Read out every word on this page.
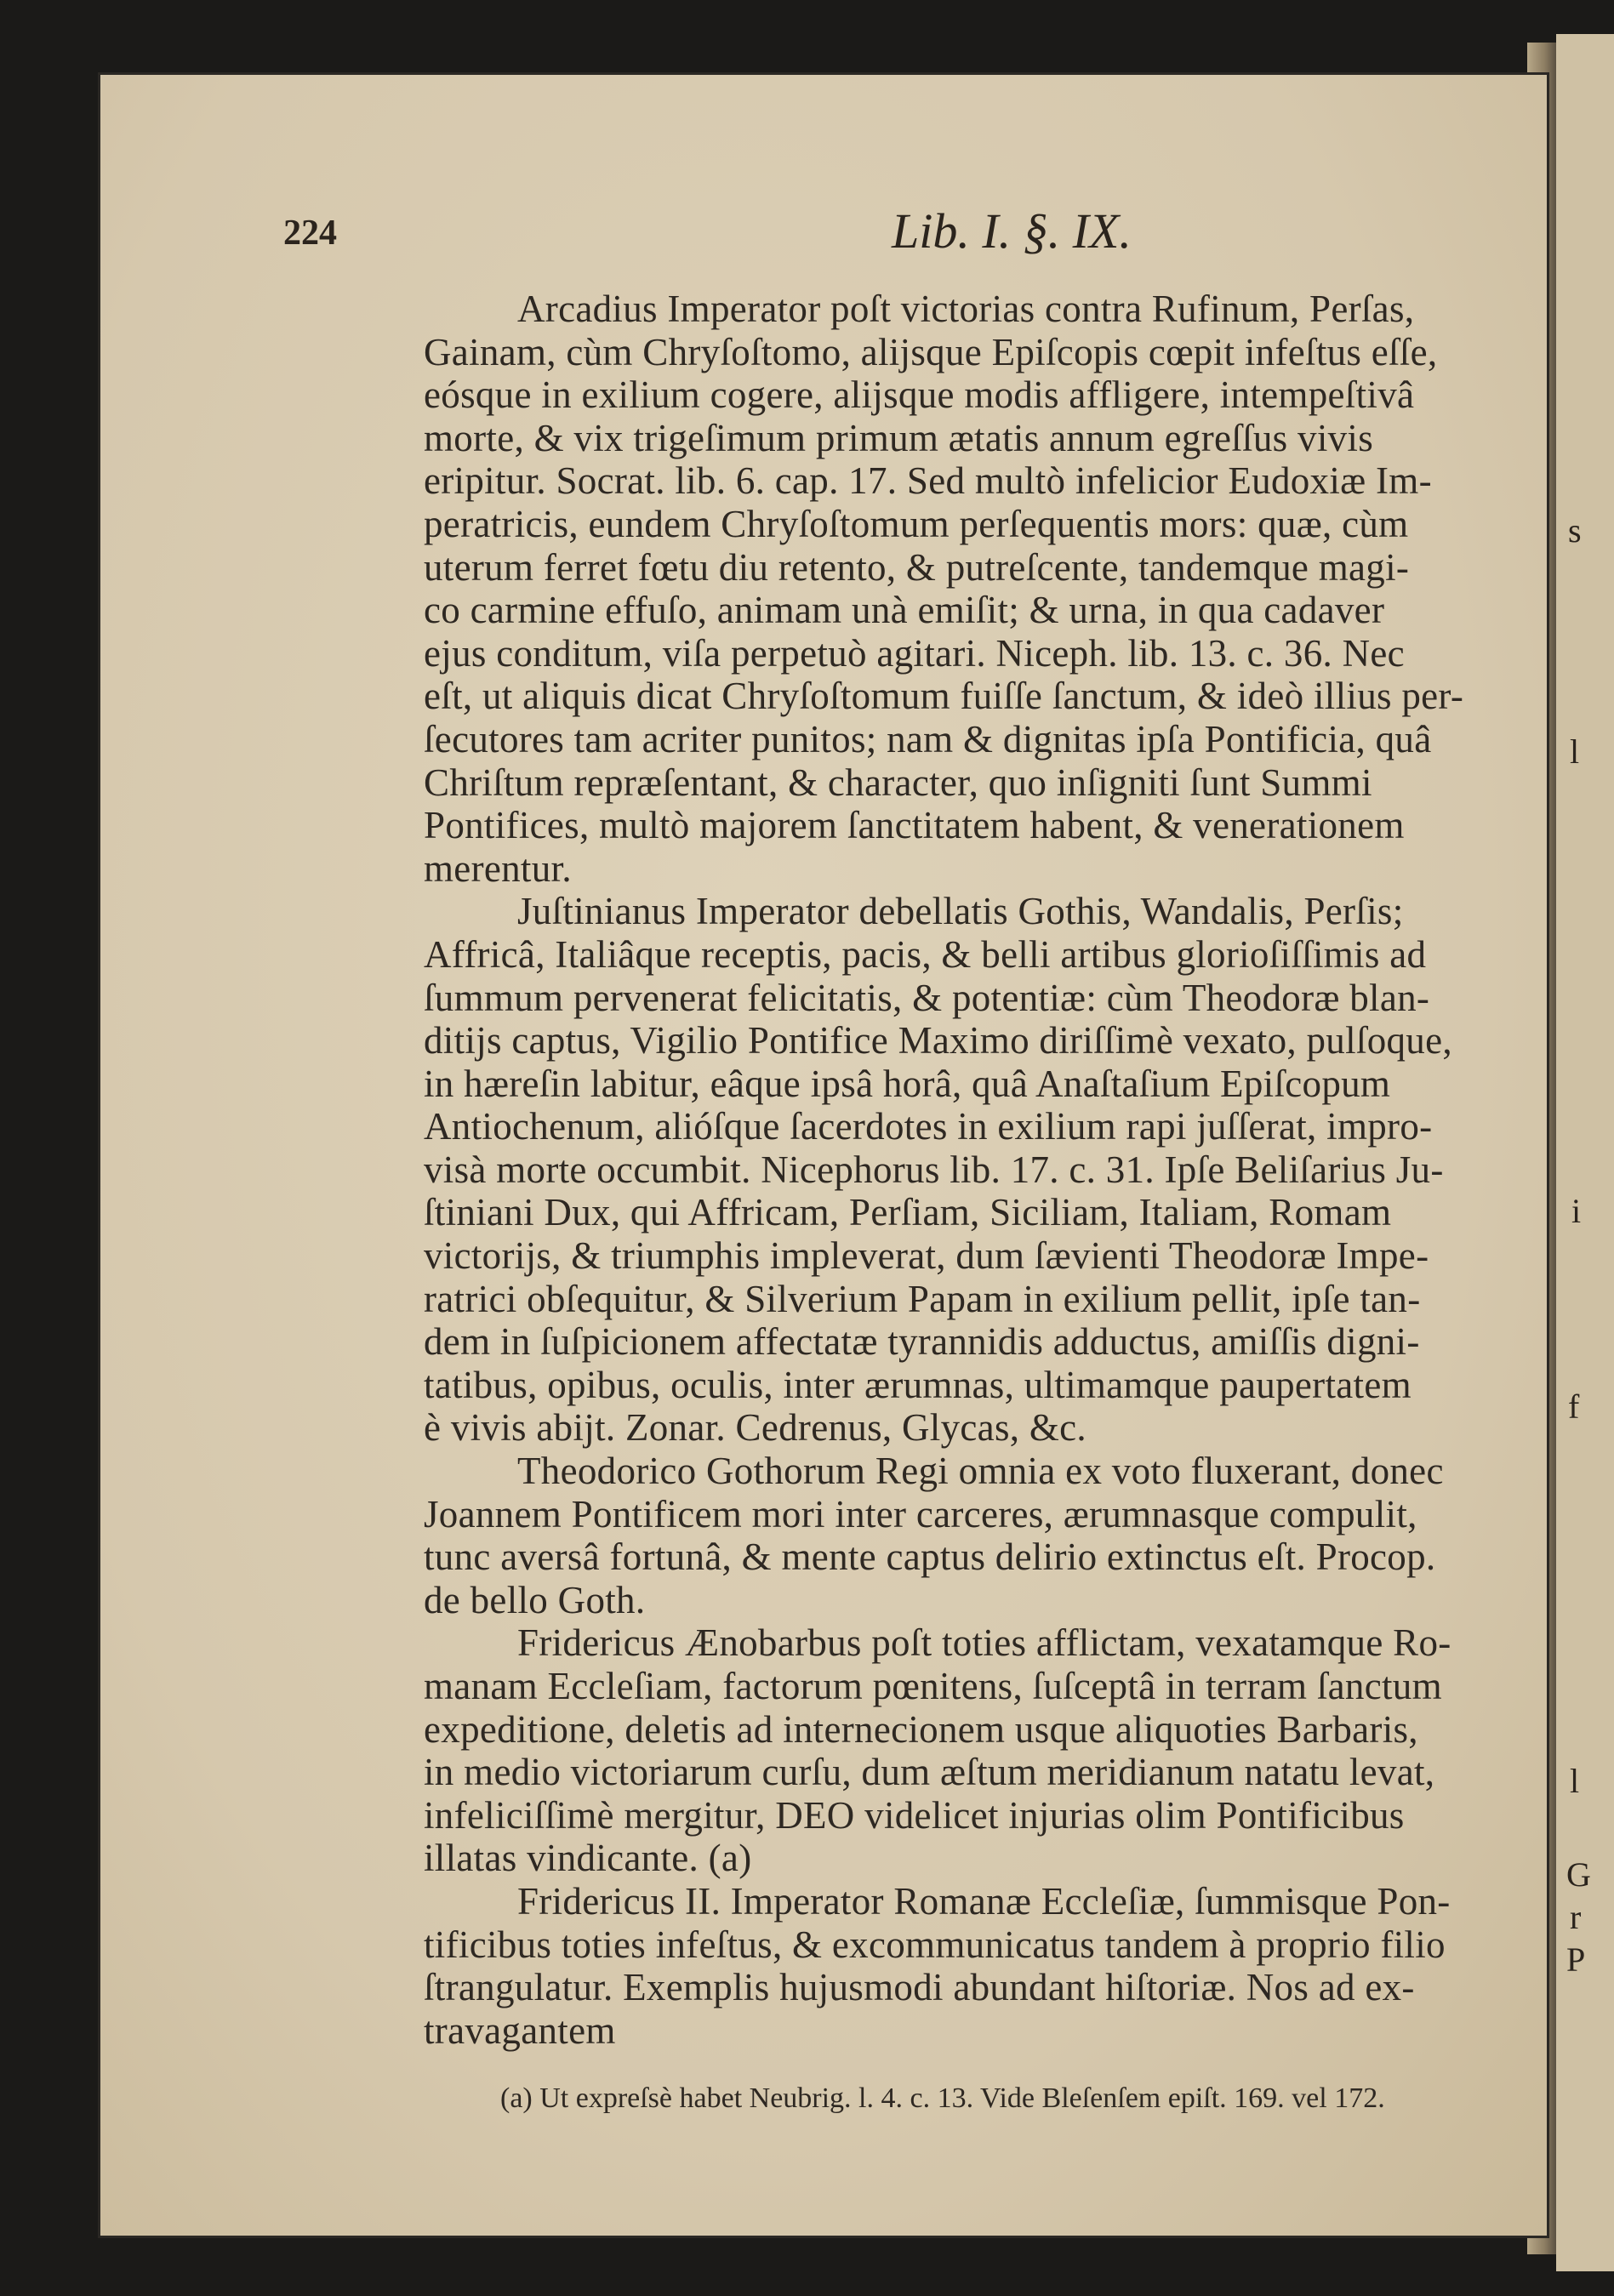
s
l
i
f
l
G
r
P
224	Lib. I. §. IX.
Arcadius Imperator poſt victorias contra Rufinum, Perſas,
Gainam, cùm Chryſoſtomo, alijsque Epiſcopis cœpit infeſtus eſſe,
eósque in exilium cogere, alijsque modis affligere, intempeſtivâ
morte, & vix trigeſimum primum ætatis annum egreſſus vivis
eripitur. Socrat. lib. 6. cap. 17. Sed multò infelicior Eudoxiæ Im-
peratricis, eundem Chryſoſtomum perſequentis mors: quæ, cùm
uterum ferret fœtu diu retento, & putreſcente, tandemque magi-
co carmine effuſo, animam unà emiſit; & urna, in qua cadaver
ejus conditum, viſa perpetuò agitari. Niceph. lib. 13. c. 36. Nec
eſt, ut aliquis dicat Chryſoſtomum fuiſſe ſanctum, & ideò illius per-
ſecutores tam acriter punitos; nam & dignitas ipſa Pontificia, quâ
Chriſtum repræſentant, & character, quo inſigniti ſunt Summi
Pontifices, multò majorem ſanctitatem habent, & venerationem
merentur.
Juſtinianus Imperator debellatis Gothis, Wandalis, Perſis;
Affricâ, Italiâque receptis, pacis, & belli artibus glorioſiſſimis ad
ſummum pervenerat felicitatis, & potentiæ: cùm Theodoræ blan-
ditijs captus, Vigilio Pontifice Maximo diriſſimè vexato, pulſoque,
in hæreſin labitur, eâque ipsâ horâ, quâ Anaſtaſium Epiſcopum
Antiochenum, alióſque ſacerdotes in exilium rapi juſſerat, impro-
visà morte occumbit. Nicephorus lib. 17. c. 31. Ipſe Beliſarius Ju-
ſtiniani Dux, qui Affricam, Perſiam, Siciliam, Italiam, Romam
victorijs, & triumphis impleverat, dum ſævienti Theodoræ Impe-
ratrici obſequitur, & Silverium Papam in exilium pellit, ipſe tan-
dem in ſuſpicionem affectatæ tyrannidis adductus, amiſſis digni-
tatibus, opibus, oculis, inter ærumnas, ultimamque paupertatem
è vivis abijt. Zonar. Cedrenus, Glycas, &c.
Theodorico Gothorum Regi omnia ex voto fluxerant, donec
Joannem Pontificem mori inter carceres, ærumnasque compulit,
tunc aversâ fortunâ, & mente captus delirio extinctus eſt. Procop.
de bello Goth.
Fridericus Ænobarbus poſt toties afflictam, vexatamque Ro-
manam Eccleſiam, factorum pœnitens, ſuſceptâ in terram ſanctum
expeditione, deletis ad internecionem usque aliquoties Barbaris,
in medio victoriarum curſu, dum æſtum meridianum natatu levat,
infeliciſſimè mergitur, DEO videlicet injurias olim Pontificibus
illatas vindicante. (a)
Fridericus II. Imperator Romanæ Eccleſiæ, ſummisque Pon-
tificibus toties infeſtus, & excommunicatus tandem à proprio filio
ſtrangulatur. Exemplis hujusmodi abundant hiſtoriæ. Nos ad ex-
travagantem
(a) Ut expreſsè habet Neubrig. l. 4. c. 13. Vide Bleſenſem epiſt. 169. vel 172.
